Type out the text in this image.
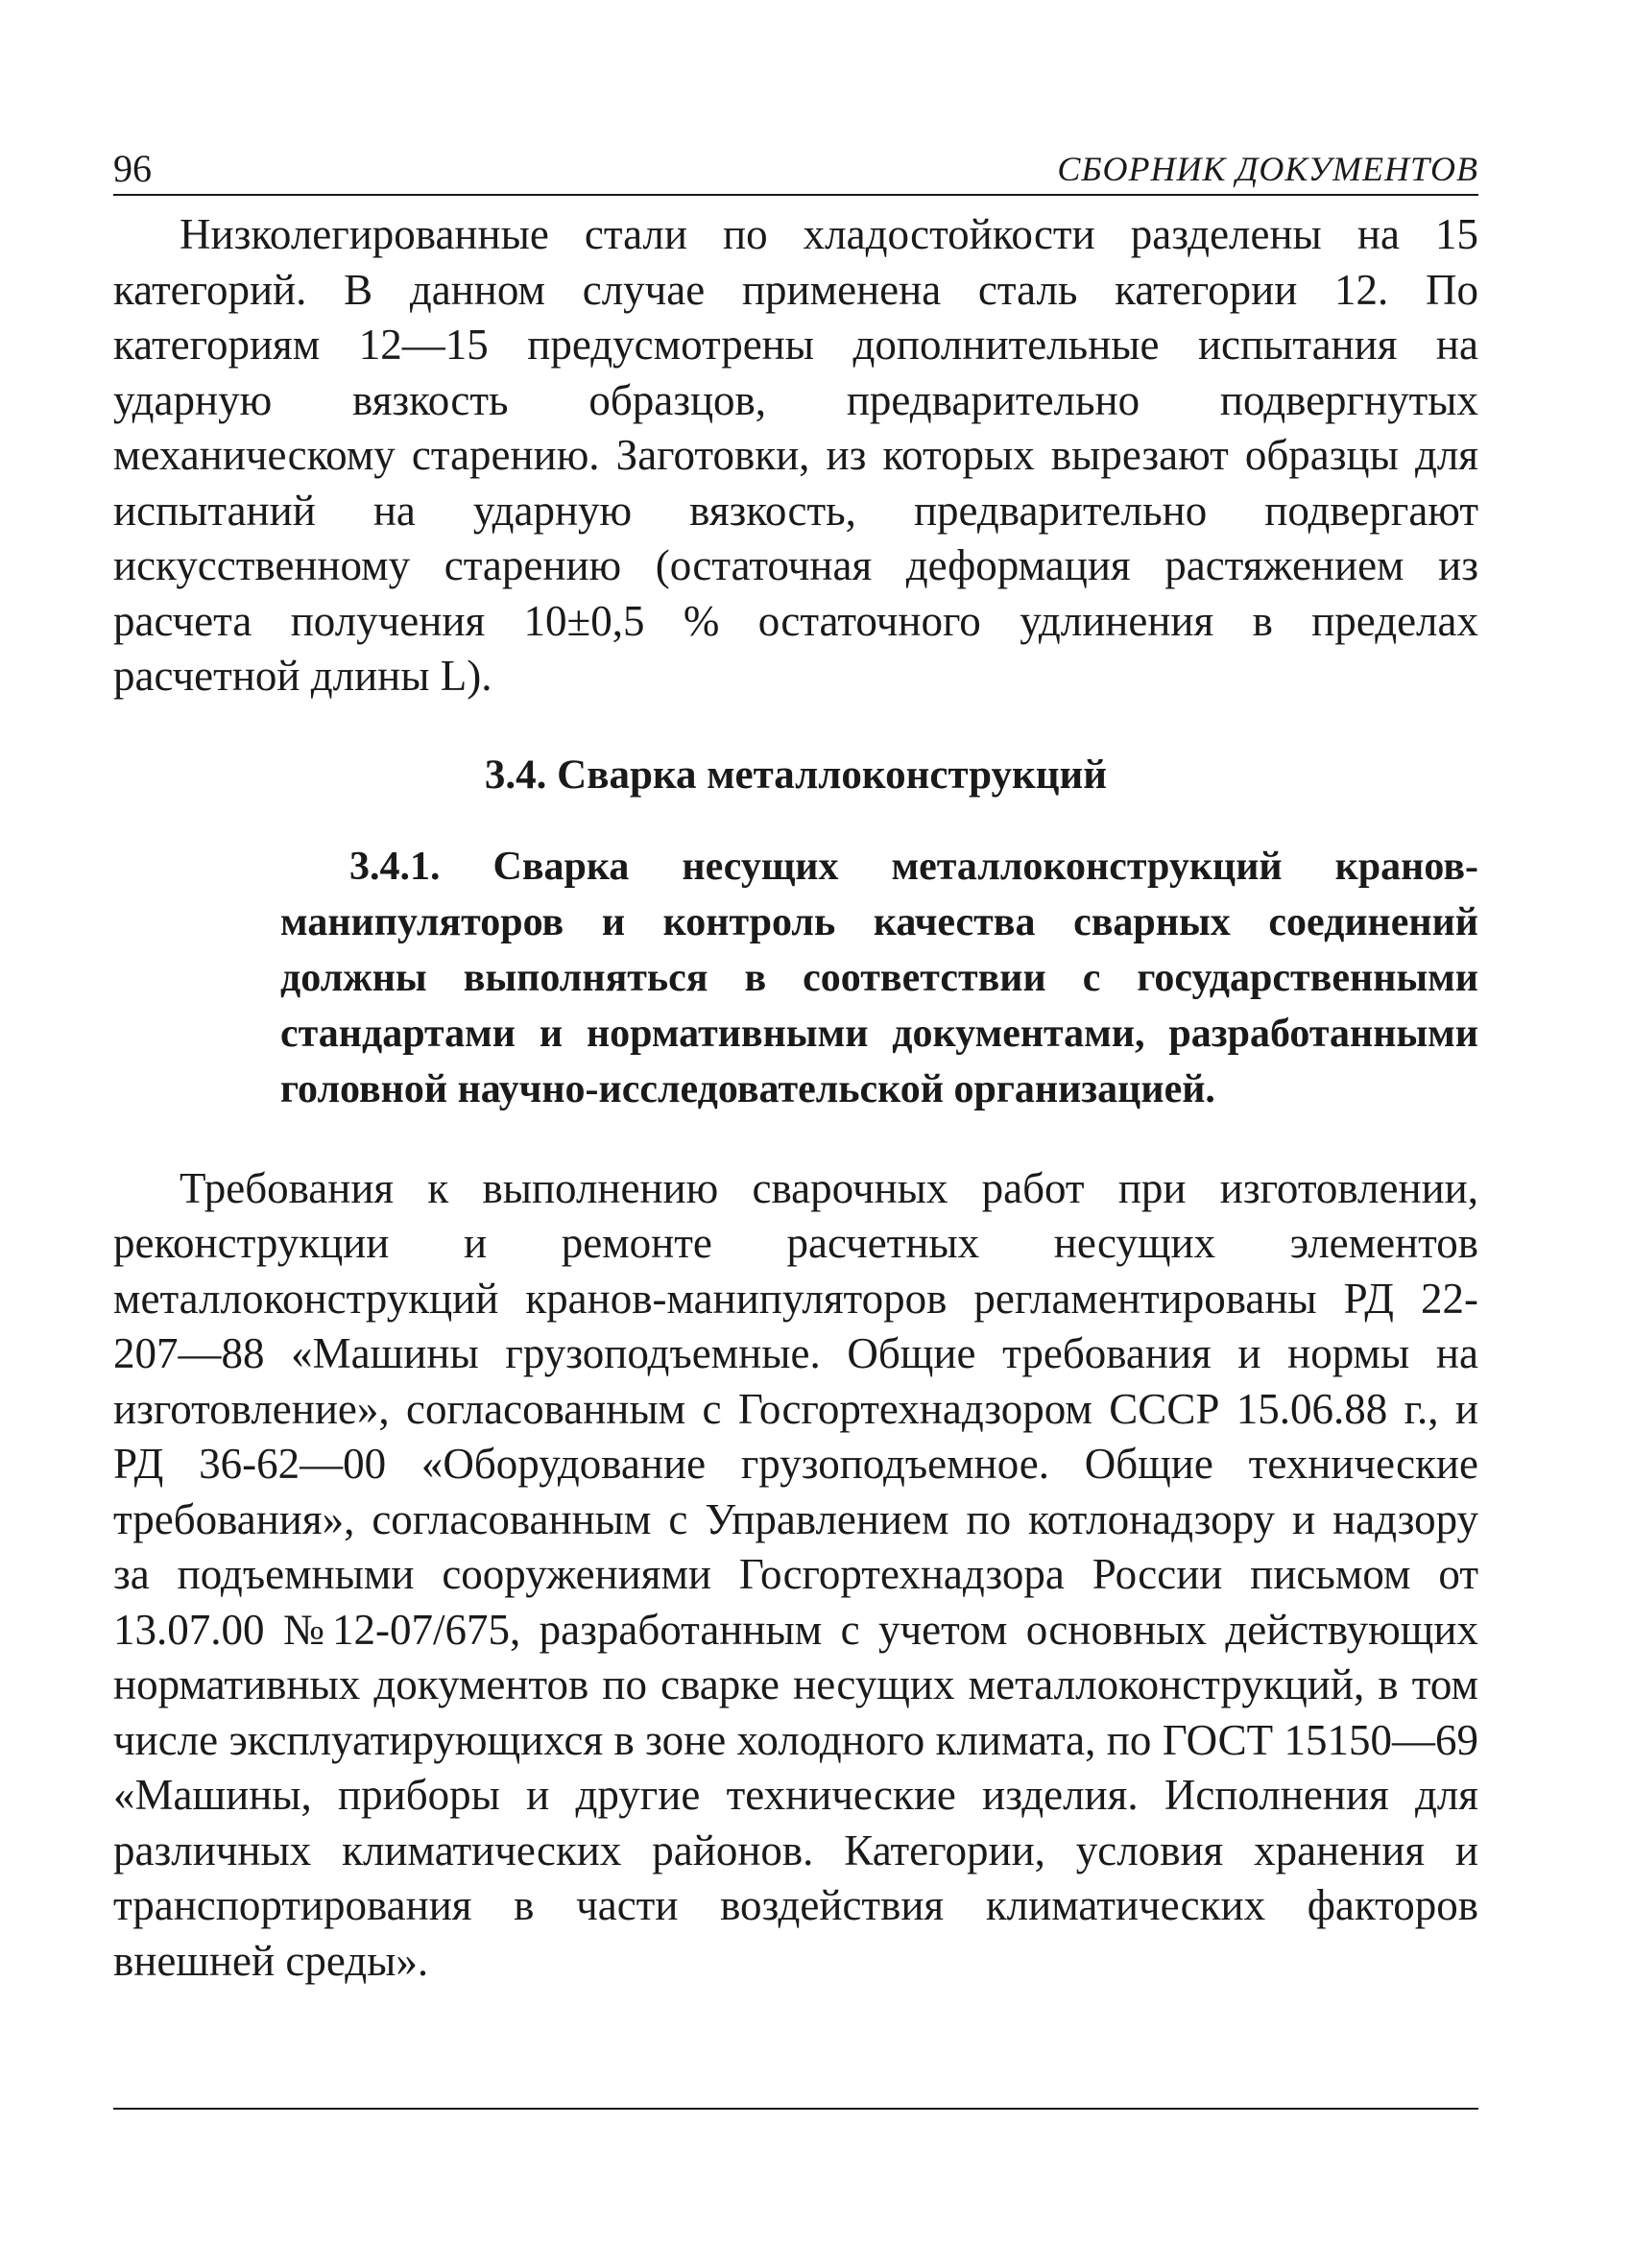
96	СБОРНИК ДОКУМЕНТОВ

Низколегированные стали по хладостойкости разделены на 15 категорий. В данном случае применена сталь категории 12. По категориям 12—15 предусмотрены дополнительные испытания на ударную вязкость образцов, предварительно подвергнутых механическому старению. Заготовки, из которых вырезают образцы для испытаний на ударную вязкость, предварительно подвергают искусственному старению (остаточная деформация растяжением из расчета получения 10±0,5 % остаточного удлинения в пределах расчетной длины L).

3.4. Сварка металлоконструкций

3.4.1. Сварка несущих металлоконструкций кранов-манипуляторов и контроль качества сварных соединений должны выполняться в соответствии с государственными стандартами и нормативными документами, разработанными головной научно-исследовательской организацией.

Требования к выполнению сварочных работ при изготовлении, реконструкции и ремонте расчетных несущих элементов металлоконструкций кранов-манипуляторов регламентированы РД 22-207—88 «Машины грузоподъемные. Общие требования и нормы на изготовление», согласованным с Госгортехнадзором СССР 15.06.88 г., и РД 36-62—00 «Оборудование грузоподъемное. Общие технические требования», согласованным с Управлением по котлонадзору и надзору за подъемными сооружениями Госгортехнадзора России письмом от 13.07.00 №12-07/675, разработанным с учетом основных действующих нормативных документов по сварке несущих металлоконструкций, в том числе эксплуатирующихся в зоне холодного климата, по ГОСТ 15150—69 «Машины, приборы и другие технические изделия. Исполнения для различных климатических районов. Категории, условия хранения и транспортирования в части воздействия климатических факторов внешней среды».
